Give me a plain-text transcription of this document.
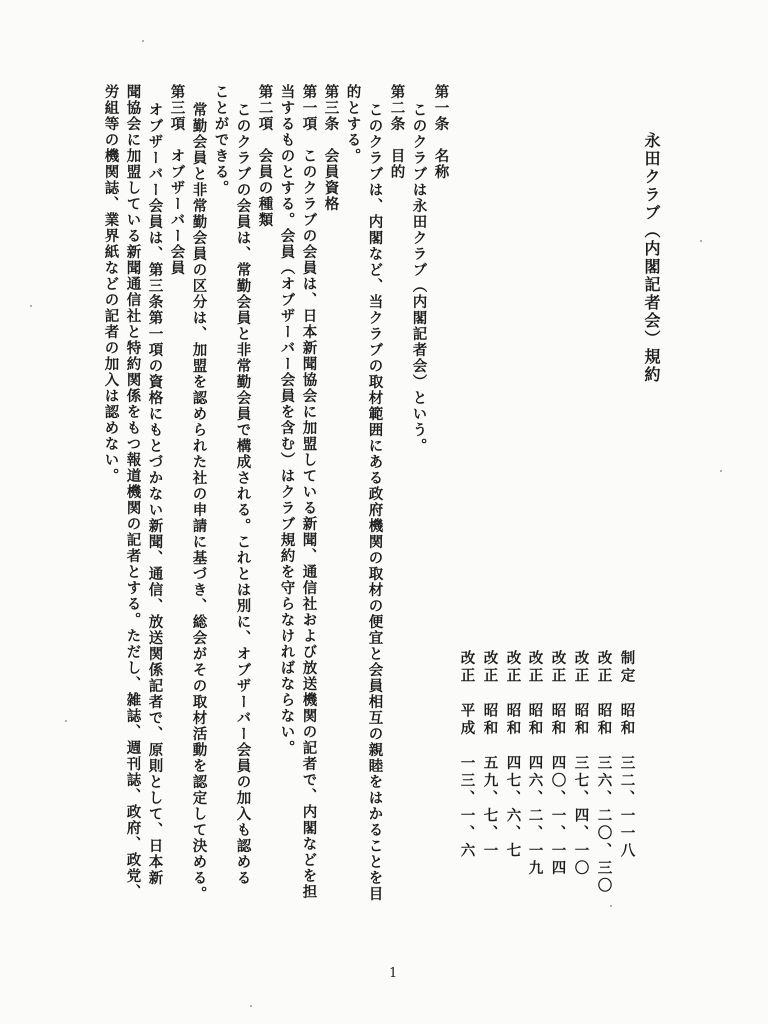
永田クラブ（内閣記者会）規約
制定　昭和　三二、一一八
改正　昭和　三六、二〇、三〇
改正　昭和　三七、四、一〇
改正　昭和　四〇、一、一四
改正　昭和　四六、二、一九
改正　昭和　四七、六、七
改正　昭和　五九、七、一
改正　平成　一三、一、六
第一条　名称
このクラブは永田クラブ（内閣記者会）という。
第二条　目的
このクラブは、内閣など、当クラブの取材範囲にある政府機関の取材の便宜と会員相互の親睦をはかることを目
的とする。
第三条　会員資格
第一項　このクラブの会員は、日本新聞協会に加盟している新聞、通信社および放送機関の記者で、内閣などを担
当するものとする。会員（オブザーバー会員を含む）はクラブ規約を守らなければならない。
第二項　会員の種類
このクラブの会員は、常勤会員と非常勤会員で構成される。これとは別に、オブザーバー会員の加入も認める
ことができる。
常勤会員と非常勤会員の区分は、加盟を認められた社の申請に基づき、総会がその取材活動を認定して決める。
第三項　オブザーバー会員
オブザーバー会員は、第三条第一項の資格にもとづかない新聞、通信、放送関係記者で、原則として、日本新
聞協会に加盟している新聞通信社と特約関係をもつ報道機関の記者とする。ただし、雑誌、週刊誌、政府、政党、
労組等の機関誌、業界紙などの記者の加入は認めない。
1
